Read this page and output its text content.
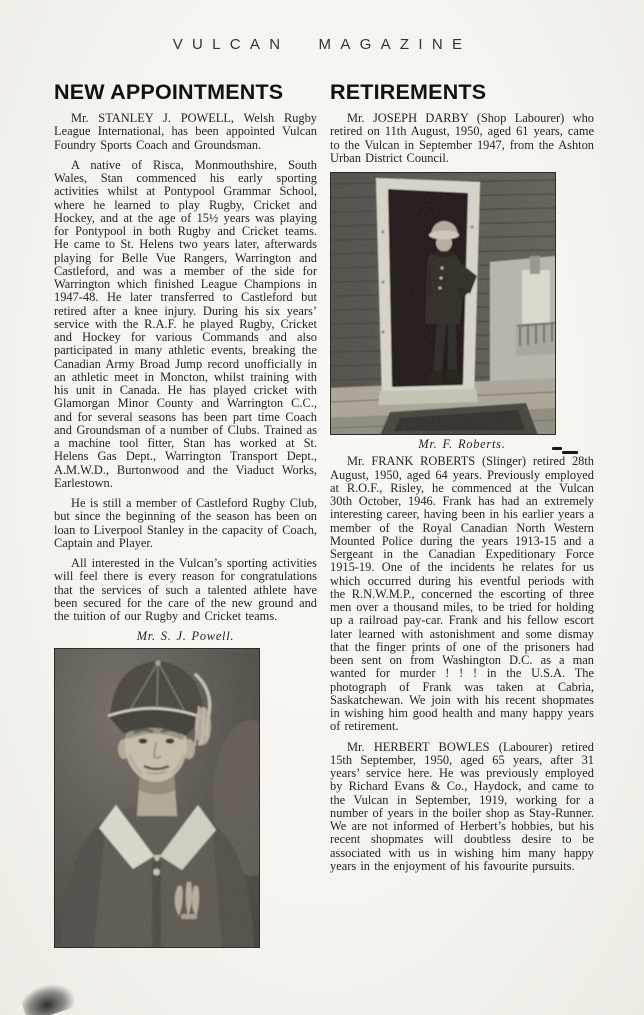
VULCAN MAGAZINE
NEW APPOINTMENTS

Mr. STANLEY J. POWELL, Welsh Rugby League International, has been appointed Vulcan Foundry Sports Coach and Groundsman.

A native of Risca, Monmouthshire, South Wales, Stan commenced his early sporting activities whilst at Pontypool Grammar School, where he learned to play Rugby, Cricket and Hockey, and at the age of 15½ years was playing for Pontypool in both Rugby and Cricket teams. He came to St. Helens two years later, afterwards playing for Belle Vue Rangers, Warrington and Castleford, and was a member of the side for Warrington which finished League Champions in 1947-48. He later transferred to Castleford but retired after a knee injury. During his six years’ service with the R.A.F. he played Rugby, Cricket and Hockey for various Commands and also participated in many athletic events, breaking the Canadian Army Broad Jump record unofficially in an athletic meet in Moncton, whilst training with his unit in Canada. He has played cricket with Glamorgan Minor County and Warrington C.C., and for several seasons has been part time Coach and Groundsman of a number of Clubs. Trained as a machine tool fitter, Stan has worked at St. Helens Gas Dept., Warrington Transport Dept., A.M.W.D., Burtonwood and the Viaduct Works, Earlestown.

He is still a member of Castleford Rugby Club, but since the beginning of the season has been on loan to Liverpool Stanley in the capacity of Coach, Captain and Player.

All interested in the Vulcan’s sporting activities will feel there is every reason for congratulations that the services of such a talented athlete have been secured for the care of the new ground and the tuition of our Rugby and Cricket teams.

Mr. S. J. Powell.

RETIREMENTS

Mr. JOSEPH DARBY (Shop Labourer) who retired on 11th August, 1950, aged 61 years, came to the Vulcan in September 1947, from the Ashton Urban District Council.

Mr. F. Roberts.

Mr. FRANK ROBERTS (Slinger) retired 28th August, 1950, aged 64 years. Previously employed at R.O.F., Risley, he commenced at the Vulcan 30th October, 1946. Frank has had an extremely interesting career, having been in his earlier years a member of the Royal Canadian North Western Mounted Police during the years 1913-15 and a Sergeant in the Canadian Expeditionary Force 1915-19. One of the incidents he relates for us which occurred during his eventful periods with the R.N.W.M.P., concerned the escorting of three men over a thousand miles, to be tried for holding up a railroad pay-car. Frank and his fellow escort later learned with astonishment and some dismay that the finger prints of one of the prisoners had been sent on from Washington D.C. as a man wanted for murder ! ! ! in the U.S.A. The photograph of Frank was taken at Cabria, Saskatchewan. We join with his recent shopmates in wishing him good health and many happy years of retirement.

Mr. HERBERT BOWLES (Labourer) retired 15th September, 1950, aged 65 years, after 31 years’ service here. He was previously employed by Richard Evans & Co., Haydock, and came to the Vulcan in September, 1919, working for a number of years in the boiler shop as Stay-Runner. We are not informed of Herbert’s hobbies, but his recent shopmates will doubtless desire to be associated with us in wishing him many happy years in the enjoyment of his favourite pursuits.
